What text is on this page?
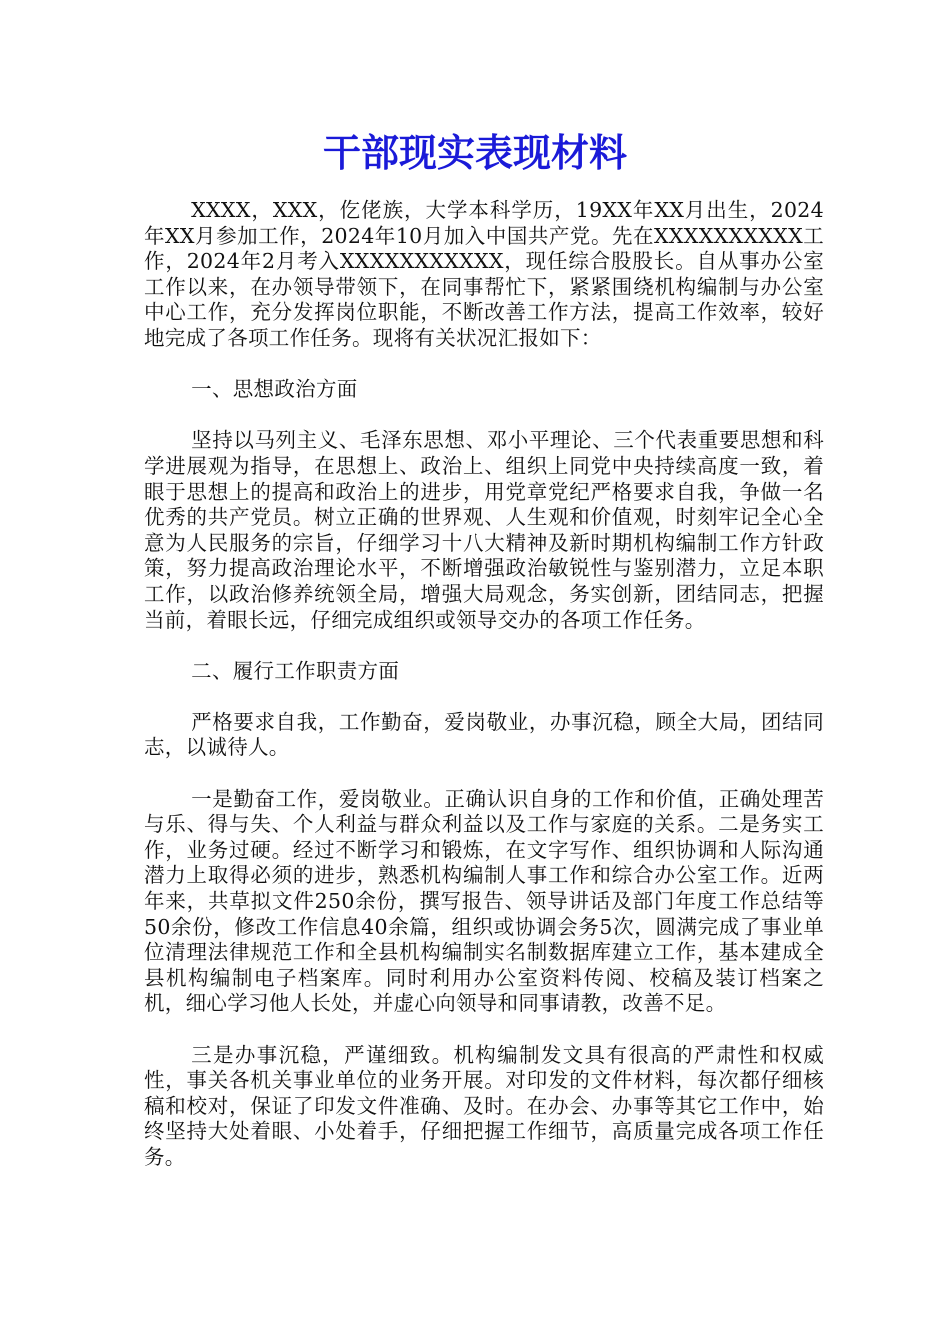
干部现实表现材料

XXXX，XXX，仡佬族，大学本科学历，19XX年XX月出生，2024年XX月参加工作，2024年10月加入中国共产党。先在XXXXXXXXXX工作，2024年2月考入XXXXXXXXXXX，现任综合股股长。自从事办公室工作以来，在办领导带领下，在同事帮忙下，紧紧围绕机构编制与办公室中心工作，充分发挥岗位职能，不断改善工作方法，提高工作效率，较好地完成了各项工作任务。现将有关状况汇报如下：

一、思想政治方面

坚持以马列主义、毛泽东思想、邓小平理论、三个代表重要思想和科学进展观为指导，在思想上、政治上、组织上同党中央持续高度一致，着眼于思想上的提高和政治上的进步，用党章党纪严格要求自我，争做一名优秀的共产党员。树立正确的世界观、人生观和价值观，时刻牢记全心全意为人民服务的宗旨，仔细学习十八大精神及新时期机构编制工作方针政策，努力提高政治理论水平，不断增强政治敏锐性与鉴别潜力，立足本职工作，以政治修养统领全局，增强大局观念，务实创新，团结同志，把握当前，着眼长远，仔细完成组织或领导交办的各项工作任务。

二、履行工作职责方面

严格要求自我，工作勤奋，爱岗敬业，办事沉稳，顾全大局，团结同志，以诚待人。

一是勤奋工作，爱岗敬业。正确认识自身的工作和价值，正确处理苦与乐、得与失、个人利益与群众利益以及工作与家庭的关系。二是务实工作，业务过硬。经过不断学习和锻炼，在文字写作、组织协调和人际沟通潜力上取得必须的进步，熟悉机构编制人事工作和综合办公室工作。近两年来，共草拟文件250余份，撰写报告、领导讲话及部门年度工作总结等50余份，修改工作信息40余篇，组织或协调会务5次，圆满完成了事业单位清理法律规范工作和全县机构编制实名制数据库建立工作，基本建成全县机构编制电子档案库。同时利用办公室资料传阅、校稿及装订档案之机，细心学习他人长处，并虚心向领导和同事请教，改善不足。

三是办事沉稳，严谨细致。机构编制发文具有很高的严肃性和权威性，事关各机关事业单位的业务开展。对印发的文件材料，每次都仔细核稿和校对，保证了印发文件准确、及时。在办会、办事等其它工作中，始终坚持大处着眼、小处着手，仔细把握工作细节，高质量完成各项工作任务。
